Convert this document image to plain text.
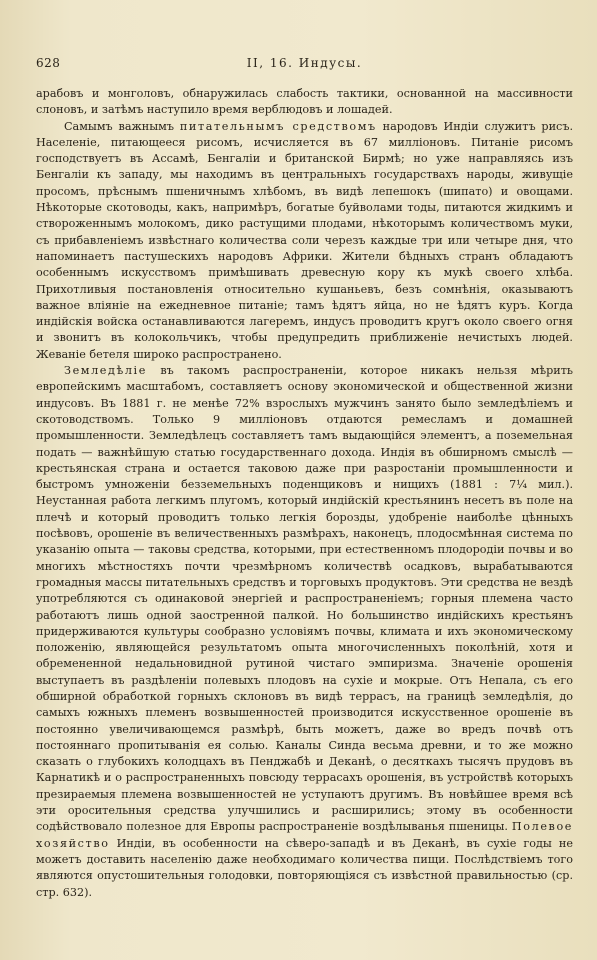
628	II, 16. Индусы.

арабовъ и монголовъ, обнаружилась слабость тактики, основанной на массивности слоновъ, и затѣмъ наступило время верблюдовъ и лошадей.

Самымъ важнымъ питательнымъ средствомъ народовъ Индіи служитъ рисъ. Населеніе, питающееся рисомъ, исчисляется въ 67 милліоновъ. Питаніе рисомъ господствуетъ въ Ассамѣ, Бенгаліи и британской Бирмѣ; но уже направляясь изъ Бенгаліи къ западу, мы находимъ въ центральныхъ государствахъ народы, живущіе просомъ, прѣснымъ пшеничнымъ хлѣбомъ, въ видѣ лепешокъ (шипато) и овощами. Нѣкоторые скотоводы, какъ, напримѣръ, богатые буйволами тоды, питаются жидкимъ и створоженнымъ молокомъ, дико растущими плодами, нѣкоторымъ количествомъ муки, съ прибавленіемъ извѣстнаго количества соли черезъ каждые три или четыре дня, что напоминаетъ пастушескихъ народовъ Африки. Жители бѣдныхъ странъ обладаютъ особеннымъ искусствомъ примѣшивать древесную кору къ мукѣ своего хлѣба. Прихотливыя постановленія относительно кушаньевъ, безъ сомнѣнія, оказываютъ важное вліяніе на ежедневное питаніе; тамъ ѣдятъ яйца, но не ѣдятъ куръ. Когда индійскія войска останавливаются лагеремъ, индусъ проводитъ кругъ около своего огня и звонитъ въ колокольчикъ, чтобы предупредить приближеніе нечистыхъ людей. Жеваніе бетеля широко распространено.

Земледѣліе въ такомъ распространеніи, которое никакъ нельзя мѣрить европейскимъ масштабомъ, составляетъ основу экономической и общественной жизни индусовъ. Въ 1881 г. не менѣе 72% взрослыхъ мужчинъ занято было земледѣліемъ и скотоводствомъ. Только 9 милліоновъ отдаются ремесламъ и домашней промышленности. Земледѣлецъ составляетъ тамъ выдающійся элементъ, а поземельная подать — важнѣйшую статью государственнаго дохода. Индія въ обширномъ смыслѣ — крестьянская страна и остается таковою даже при разростаніи промышленности и быстромъ умноженіи безземельныхъ поденщиковъ и нищихъ (1881 : 7¼ мил.). Неустанная работа легкимъ плугомъ, который индійскій крестьянинъ несетъ въ поле на плечѣ и который проводитъ только легкія борозды, удобреніе наиболѣе цѣнныхъ посѣвовъ, орошеніе въ величественныхъ размѣрахъ, наконецъ, плодосмѣнная система по указанію опыта — таковы средства, которыми, при естественномъ плодородіи почвы и во многихъ мѣстностяхъ почти чрезмѣрномъ количествѣ осадковъ, вырабатываются громадныя массы питательныхъ средствъ и торговыхъ продуктовъ. Эти средства не вездѣ употребляются съ одинаковой энергіей и распространеніемъ; горныя племена часто работаютъ лишь одной заостренной палкой. Но большинство индійскихъ крестьянъ придерживаются культуры сообразно условіямъ почвы, климата и ихъ экономическому положенію, являющейся результатомъ опыта многочисленныхъ поколѣній, хотя и обремененной недальновидной рутиной чистаго эмпиризма. Значеніе орошенія выступаетъ въ раздѣленіи полевыхъ плодовъ на сухіе и мокрые. Отъ Непала, съ его обширной обработкой горныхъ склоновъ въ видѣ террасъ, на границѣ земледѣлія, до самыхъ южныхъ племенъ возвышенностей производится искусственное орошеніе въ постоянно увеличивающемся размѣрѣ, быть можетъ, даже во вредъ почвѣ отъ постояннаго пропитыванія ея солью. Каналы Синда весьма древни, и то же можно сказать о глубокихъ колодцахъ въ Пенджабѣ и Деканѣ, о десяткахъ тысячъ прудовъ въ Карнатикѣ и о распространенныхъ повсюду террасахъ орошенія, въ устройствѣ которыхъ презираемыя племена возвышенностей не уступаютъ другимъ. Въ новѣйшее время всѣ эти оросительныя средства улучшились и расширились; этому въ особенности содѣйствовало полезное для Европы распространеніе воздѣлыванья пшеницы. Полевое хозяйство Индіи, въ особенности на сѣверо-западѣ и въ Деканѣ, въ сухіе годы не можетъ доставить населенію даже необходимаго количества пищи. Послѣдствіемъ того являются опустошительныя голодовки, повторяющіяся съ извѣстной правильностью (ср. стр. 632).
